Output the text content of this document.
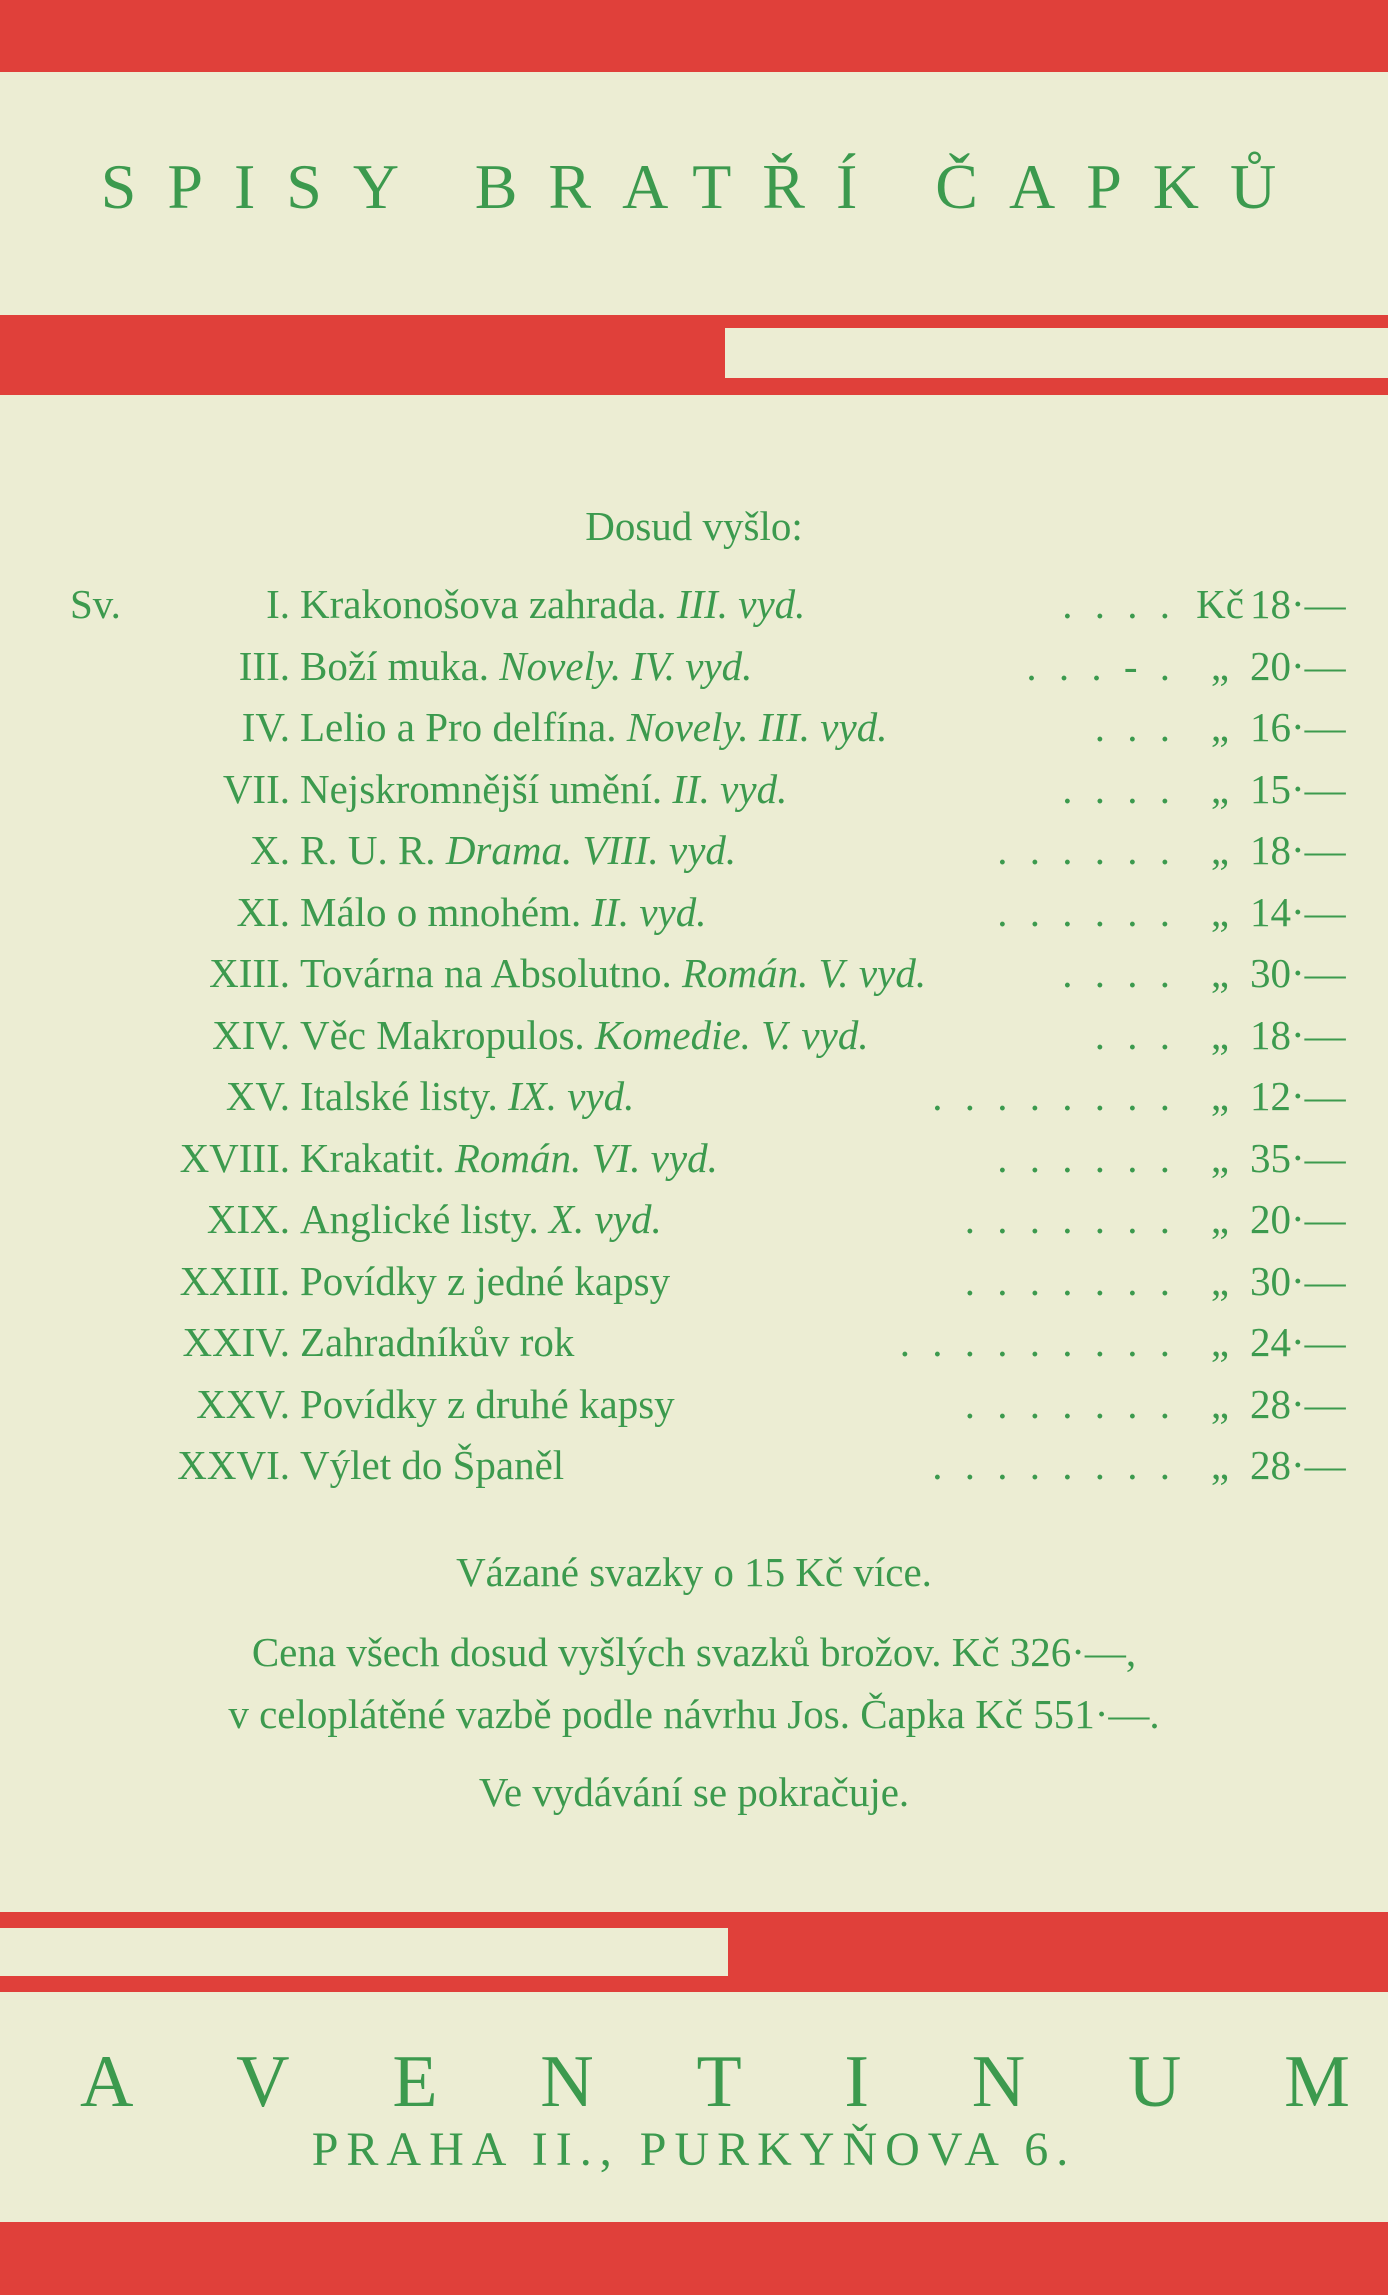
SPISY BRATŘÍ ČAPKŮ
Dosud vyšlo:
Sv.	I. Krakonošova zahrada. III. vyd.	. . . . Kč 18·—
III. Boží muka. Novely. IV. vyd.	. - . . . „ 20·—
IV. Lelio a Pro delfína. Novely. III. vyd.	. . . „ 16·—
VII. Nejskromnější umění. II. vyd.	. . . . „ 15·—
X. R. U. R. Drama. VIII. vyd.	. . . . . . „ 18·—
XI. Málo o mnohém. II. vyd.	. . . . . . „ 14·—
XIII. Továrna na Absolutno. Román. V. vyd.	. . . . „ 30·—
XIV. Věc Makropulos. Komedie. V. vyd.	. . . „ 18·—
XV. Italské listy. IX. vyd.	. . . . . . . . „ 12·—
XVIII. Krakatit. Román. VI. vyd.	. . . . . . „ 35·—
XIX. Anglické listy. X. vyd.	. . . . . . . „ 20·—
XXIII. Povídky z jedné kapsy	. . . . . . . „ 30·—
XXIV. Zahradníkův rok	. . . . . . . . . „ 24·—
XXV. Povídky z druhé kapsy	. . . . . . . „ 28·—
XXVI. Výlet do Španěl	. . . . . . . . „ 28·—
Vázané svazky o 15 Kč více.
Cena všech dosud vyšlých svazků brožov. Kč 326·—,
v celoplátěné vazbě podle návrhu Jos. Čapka Kč 551·—.
Ve vydávání se pokračuje.
A V E N T I N U M
PRAHA II., PURKYŇOVA 6.
